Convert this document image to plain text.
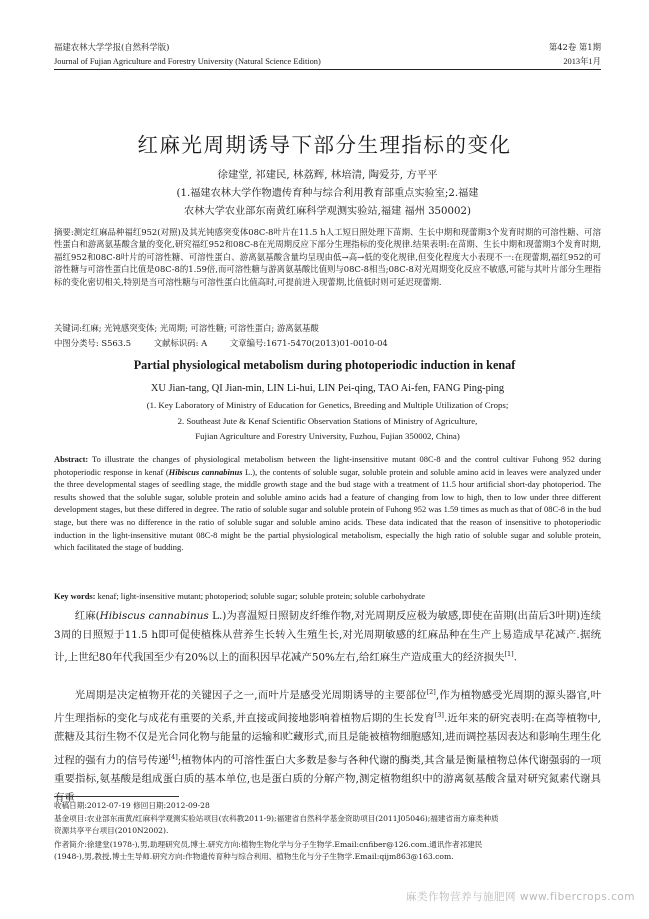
福建农林大学学报(自然科学版)	第42卷 第1期
Journal of Fujian Agriculture and Forestry University (Natural Science Edition)	2013年1月
红麻光周期诱导下部分生理指标的变化
徐建堂, 祁建民, 林荔辉, 林培清, 陶爱芬, 方平平
(1.福建农林大学作物遗传育种与综合利用教育部重点实验室;2.福建
农林大学农业部东南黄红麻科学观测实验站,福建 福州 350002)
摘要:测定红麻品种福红952(对照)及其光钝感突变体08C-8叶片在11.5 h人工短日照处理下苗期、生长中期和现蕾期3个发育时期的可溶性糖、可溶性蛋白和游离氨基酸含量的变化,研究福红952和08C-8在光周期反应下部分生理指标的变化规律.结果表明:在苗期、生长中期和现蕾期3个发育时期,福红952和08C-8叶片的可溶性糖、可溶性蛋白、游离氨基酸含量均呈现由低→高→低的变化规律,但变化程度大小表现不一:在现蕾期,福红952的可溶性糖与可溶性蛋白比值是08C-8的1.59倍,而可溶性糖与游离氨基酸比值则与08C-8相当;08C-8对光周期变化反应不敏感,可能与其叶片部分生理指标的变化密切相关,特别是当可溶性糖与可溶性蛋白比值高时,可提前进入现蕾期,比值低时则可延迟现蕾期.
关键词:红麻; 光钝感突变体; 光周期; 可溶性糖; 可溶性蛋白; 游离氨基酸
中图分类号: S563.5	文献标识码: A	文章编号:1671-5470(2013)01-0010-04
Partial physiological metabolism during photoperiodic induction in kenaf
XU Jian-tang, QI Jian-min, LIN Li-hui, LIN Pei-qing, TAO Ai-fen, FANG Ping-ping
(1. Key Laboratory of Ministry of Education for Genetics, Breeding and Multiple Utilization of Crops;
2. Southeast Jute & Kenaf Scientific Observation Stations of Ministry of Agriculture,
Fujian Agriculture and Forestry University, Fuzhou, Fujian 350002, China)
Abstract: To illustrate the changes of physiological metabolism between the light-insensitive mutant 08C-8 and the control cultivar Fuhong 952 during photoperiodic response in kenaf (Hibiscus cannabinus L.), the contents of soluble sugar, soluble protein and soluble amino acid in leaves were analyzed under the three developmental stages of seedling stage, the middle growth stage and the bud stage with a treatment of 11.5 hour artificial short-day photoperiod. The results showed that the soluble sugar, soluble protein and soluble amino acids had a feature of changing from low to high, then to low under three different development stages, but these differed in degree. The ratio of soluble sugar and soluble protein of Fuhong 952 was 1.59 times as much as that of 08C-8 in the bud stage, but there was no difference in the ratio of soluble sugar and soluble amino acids. These data indicated that the reason of insensitive to photoperiodic induction in the light-insensitive mutant 08C-8 might be the partial physiological metabolism, especially the high ratio of soluble sugar and soluble protein, which facilitated the stage of budding.
Key words: kenaf; light-insensitive mutant; photoperiod; soluble sugar; soluble protein; soluble carbohydrate
红麻(Hibiscus cannabinus L.)为喜温短日照韧皮纤维作物,对光周期反应极为敏感,即使在苗期(出苗后3叶期)连续3周的日照短于11.5 h即可促使植株从营养生长转入生殖生长,对光周期敏感的红麻品种在生产上易造成早花减产.据统计,上世纪80年代我国至少有20%以上的面积因早花减产50%左右,给红麻生产造成重大的经济损失[1].
光周期是决定植物开花的关键因子之一,而叶片是感受光周期诱导的主要部位[2],作为植物感受光周期的源头器官,叶片生理指标的变化与成花有重要的关系,并直接或间接地影响着植物后期的生长发育[3].近年来的研究表明:在高等植物中,蔗糖及其衍生物不仅是光合同化物与能量的运输和贮藏形式,而且是能被植物细胞感知,进而调控基因表达和影响生理生化过程的强有力的信号传递[4];植物体内的可溶性蛋白大多数是参与各种代谢的酶类,其含量是衡量植物总体代谢强弱的一项重要指标,氨基酸是组成蛋白质的基本单位,也是蛋白质的分解产物,测定植物组织中的游离氨基酸含量对研究氮素代谢具有重
收稿日期:2012-07-19 修回日期:2012-09-28
基金项目:农业部东南黄/红麻科学观测实验站项目(农科教2011-9);福建省自然科学基金资助项目(2011J05046);福建省南方麻类种质
资源共享平台项目(2010N2002).
作者简介:徐建堂(1978-),男,助理研究员,博士.研究方向:植物生物化学与分子生物学.Email:cnfiber@126.com.通讯作者祁建民
(1948-),男,教授,博士生导师.研究方向:作物遗传育种与综合利用、植物生化与分子生物学.Email:qijm863@163.com.
麻类作物营养与施肥网 www.fibercrops.com
